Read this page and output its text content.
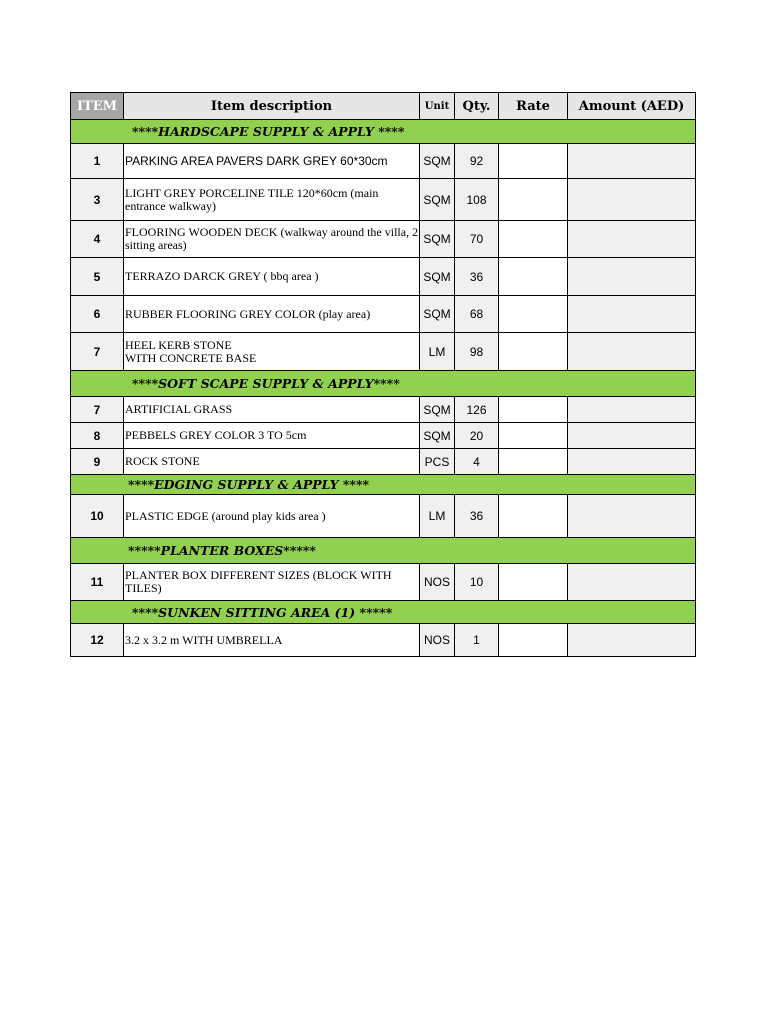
ITEM	Item description	Unit	Qty.	Rate	Amount (AED)
****HARDSCAPE SUPPLY & APPLY ****					
1	PARKING AREA PAVERS DARK GREY 60*30cm	SQM	92		
3	LIGHT GREY PORCELINE TILE 120*60cm (main entrance walkway)	SQM	108		
4	FLOORING WOODEN DECK (walkway around the villa, 2 sitting areas)	SQM	70		
5	TERRAZO DARCK GREY ( bbq area )	SQM	36		
6	RUBBER FLOORING GREY COLOR (play area)	SQM	68		
7	HEEL KERB STONE WITH CONCRETE BASE	LM	98		
****SOFT SCAPE SUPPLY & APPLY****					
7	ARTIFICIAL GRASS	SQM	126		
8	PEBBELS GREY COLOR 3 TO 5cm	SQM	20		
9	ROCK STONE	PCS	4		
****EDGING SUPPLY & APPLY ****					
10	PLASTIC EDGE (around play kids area )	LM	36		
*****PLANTER BOXES*****					
11	PLANTER BOX DIFFERENT SIZES (BLOCK WITH TILES)	NOS	10		
****SUNKEN SITTING AREA (1) *****					
12	3.2 x 3.2 m WITH UMBRELLA	NOS	1		
